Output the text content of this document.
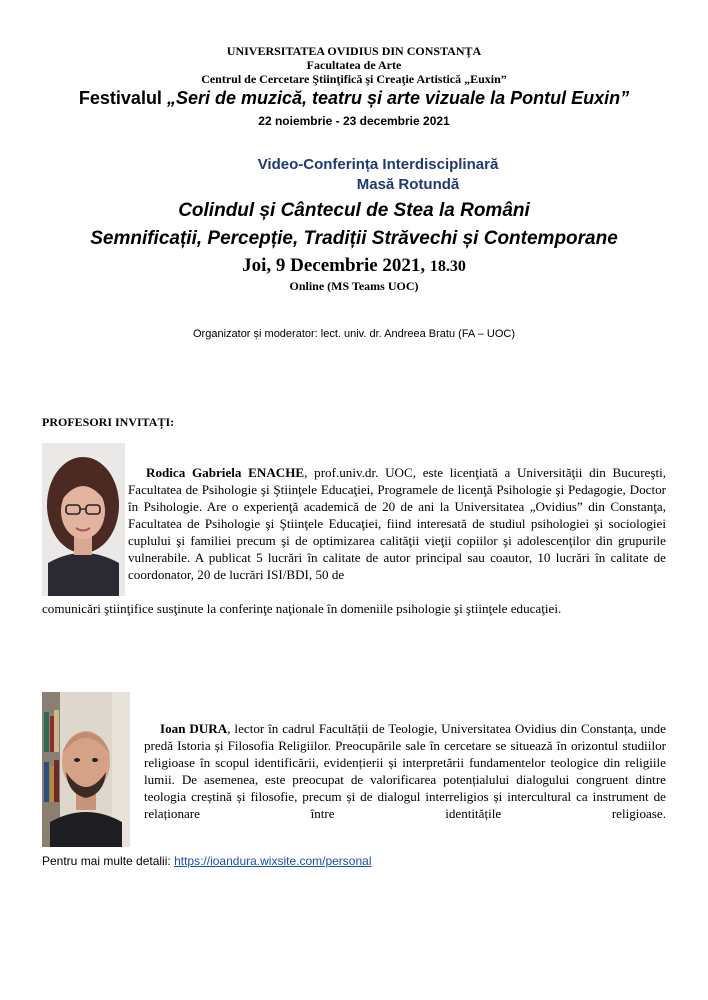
UNIVERSITATEA OVIDIUS DIN CONSTANŢA
Facultatea de Arte
Centrul de Cercetare Ştiinţifică şi Creaţie Artistică „Euxin”
Festivalul „Seri de muzică, teatru și arte vizuale la Pontul Euxin”
22 noiembrie - 23 decembrie 2021
Video-Conferința Interdisciplinară
Masă Rotundă
Colindul și Cântecul de Stea la Români
Semnificații, Percepție, Tradiții Străvechi și Contemporane
Joi, 9 Decembrie 2021, 18.30
Online (MS Teams UOC)
Organizator și moderator: lect. univ. dr. Andreea Bratu (FA – UOC)
PROFESORI INVITAȚI:

Rodica Gabriela ENACHE, prof.univ.dr. UOC, este licenţiată a Universităţii din Bucureşti, Facultatea de Psihologie şi Ştiinţele Educaţiei, Programele de licenţă Psihologie şi Pedagogie, Doctor în Psihologie. Are o experienţă academică de 20 de ani la Universitatea „Ovidius” din Constanţa, Facultatea de Psihologie şi Ştiinţele Educaţiei, fiind interesată de studiul psihologiei şi sociologiei cuplului şi familiei precum şi de optimizarea calităţii vieţii copiilor şi adolescenţilor din grupurile vulnerabile. A publicat 5 lucrări în calitate de autor principal sau coautor, 10 lucrări în calitate de coordonator, 20 de lucrări ISI/BDI, 50 de

comunicări ştiinţifice susţinute la conferinţe naţionale în domeniile psihologie şi ştiinţele educaţiei.

Ioan DURA, lector în cadrul Facultății de Teologie, Universitatea Ovidius din Constanța, unde predă Istoria și Filosofia Religiilor. Preocupările sale în cercetare se situează în orizontul studiilor religioase în scopul identificării, evidențierii și interpretării fundamentelor teologice din religiile lumii. De asemenea, este preocupat de valorificarea potențialului dialogului congruent dintre teologia creștină și filosofie, precum și de dialogul interreligios și intercultural ca instrument de relaționare între identitățile religioase.

Pentru mai multe detalii: https://ioandura.wixsite.com/personal
